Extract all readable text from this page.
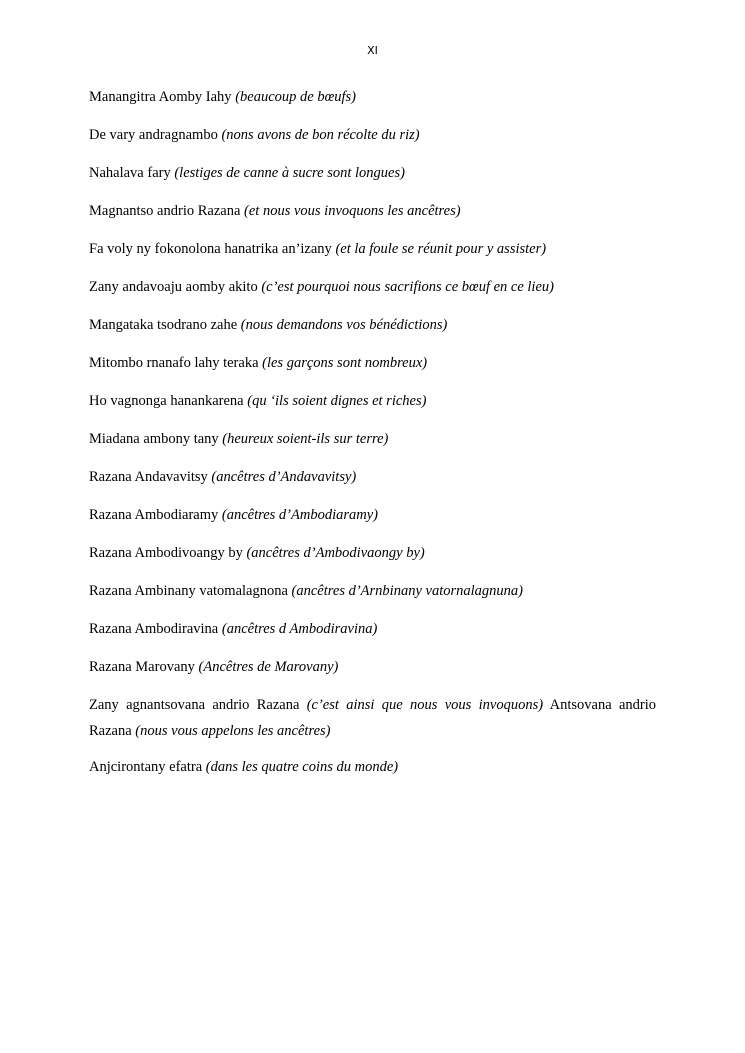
XI

Manangitra Aomby Iahy (beaucoup de bœufs)

De vary andragnambo (nons avons de bon récolte du riz)

Nahalava fary (lestiges de canne à sucre sont longues)

Magnantso andrio Razana (et nous vous invoquons les ancêtres)

Fa voly ny fokonolona hanatrika an’izany (et la foule se réunit pour y assister)

Zany andavoaju aomby akito (c’est pourquoi nous sacrifions ce bœuf en ce lieu)

Mangataka tsodrano zahe (nous demandons vos bénédictions)

Mitombo rnanafo lahy teraka (les garçons sont nombreux)

Ho vagnonga hanankarena (qu ‘ils soient dignes et riches)

Miadana ambony tany (heureux soient-ils sur terre)

Razana Andavavitsy (ancêtres d’Andavavitsy)

Razana Ambodiaramy (ancêtres d’Ambodiaramy)

Razana Ambodivoangy by (ancêtres d’Ambodivaongy by)

Razana Ambinany vatomalagnona (ancêtres d’Arnbinany vatornalagnuna)

Razana Ambodiravina (ancêtres d Ambodiravina)

Razana Marovany (Ancêtres de Marovany)

Zany agnantsovana andrio Razana (c’est ainsi que nous vous invoquons) Antsovana andrio Razana (nous vous appelons les ancêtres)

Anjcirontany efatra (dans les quatre coins du monde)
